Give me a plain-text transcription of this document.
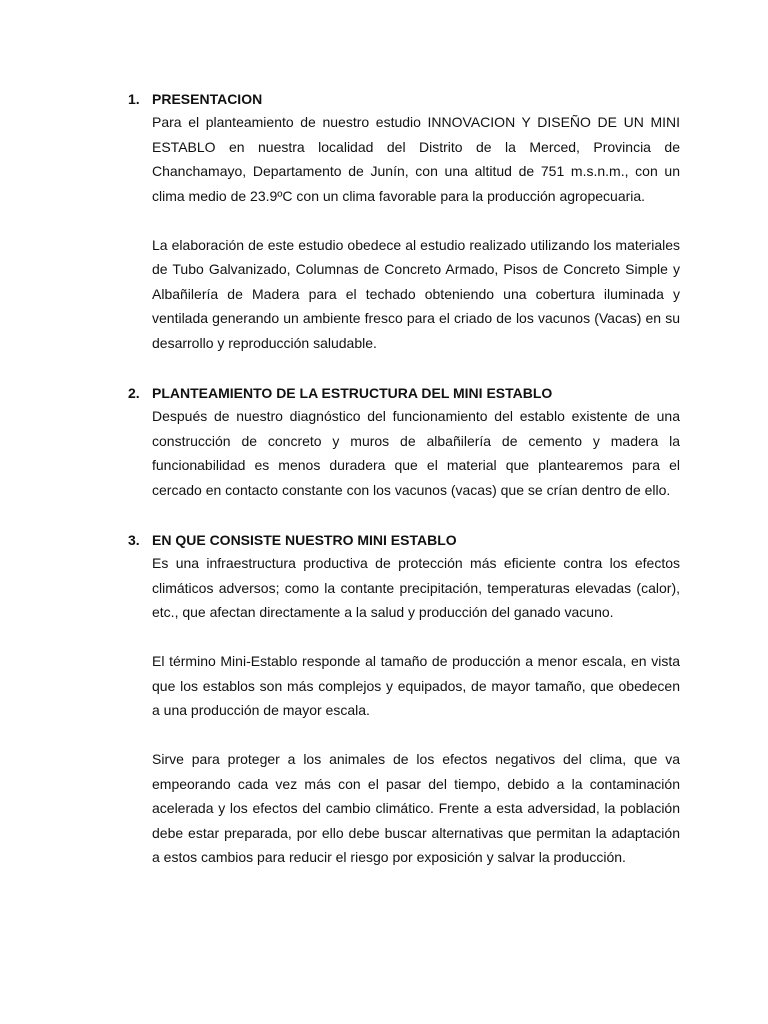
1. PRESENTACION

Para el planteamiento de nuestro estudio INNOVACION Y DISEÑO DE UN MINI ESTABLO en nuestra localidad del Distrito de la Merced, Provincia de Chanchamayo, Departamento de Junín, con una altitud de 751 m.s.n.m., con un clima medio de 23.9ºC con un clima favorable para la producción agropecuaria.

La elaboración de este estudio obedece al estudio realizado utilizando los materiales de Tubo Galvanizado, Columnas de Concreto Armado, Pisos de Concreto Simple y Albañilería de Madera para el techado obteniendo una cobertura iluminada y ventilada generando un ambiente fresco para el criado de los vacunos (Vacas) en su desarrollo y reproducción saludable.

2. PLANTEAMIENTO DE LA ESTRUCTURA DEL MINI ESTABLO

Después de nuestro diagnóstico del funcionamiento del establo existente de una construcción de concreto y muros de albañilería de cemento y madera la funcionabilidad es menos duradera que el material que plantearemos para el cercado en contacto constante con los vacunos (vacas) que se crían dentro de ello.

3. EN QUE CONSISTE NUESTRO MINI ESTABLO

Es una infraestructura productiva de protección más eficiente contra los efectos climáticos adversos; como la contante precipitación, temperaturas elevadas (calor), etc., que afectan directamente a la salud y producción del ganado vacuno.

El término Mini-Establo responde al tamaño de producción a menor escala, en vista que los establos son más complejos y equipados, de mayor tamaño, que obedecen a una producción de mayor escala.

Sirve para proteger a los animales de los efectos negativos del clima, que va empeorando cada vez más con el pasar del tiempo, debido a la contaminación acelerada y los efectos del cambio climático. Frente a esta adversidad, la población debe estar preparada, por ello debe buscar alternativas que permitan la adaptación a estos cambios para reducir el riesgo por exposición y salvar la producción.
